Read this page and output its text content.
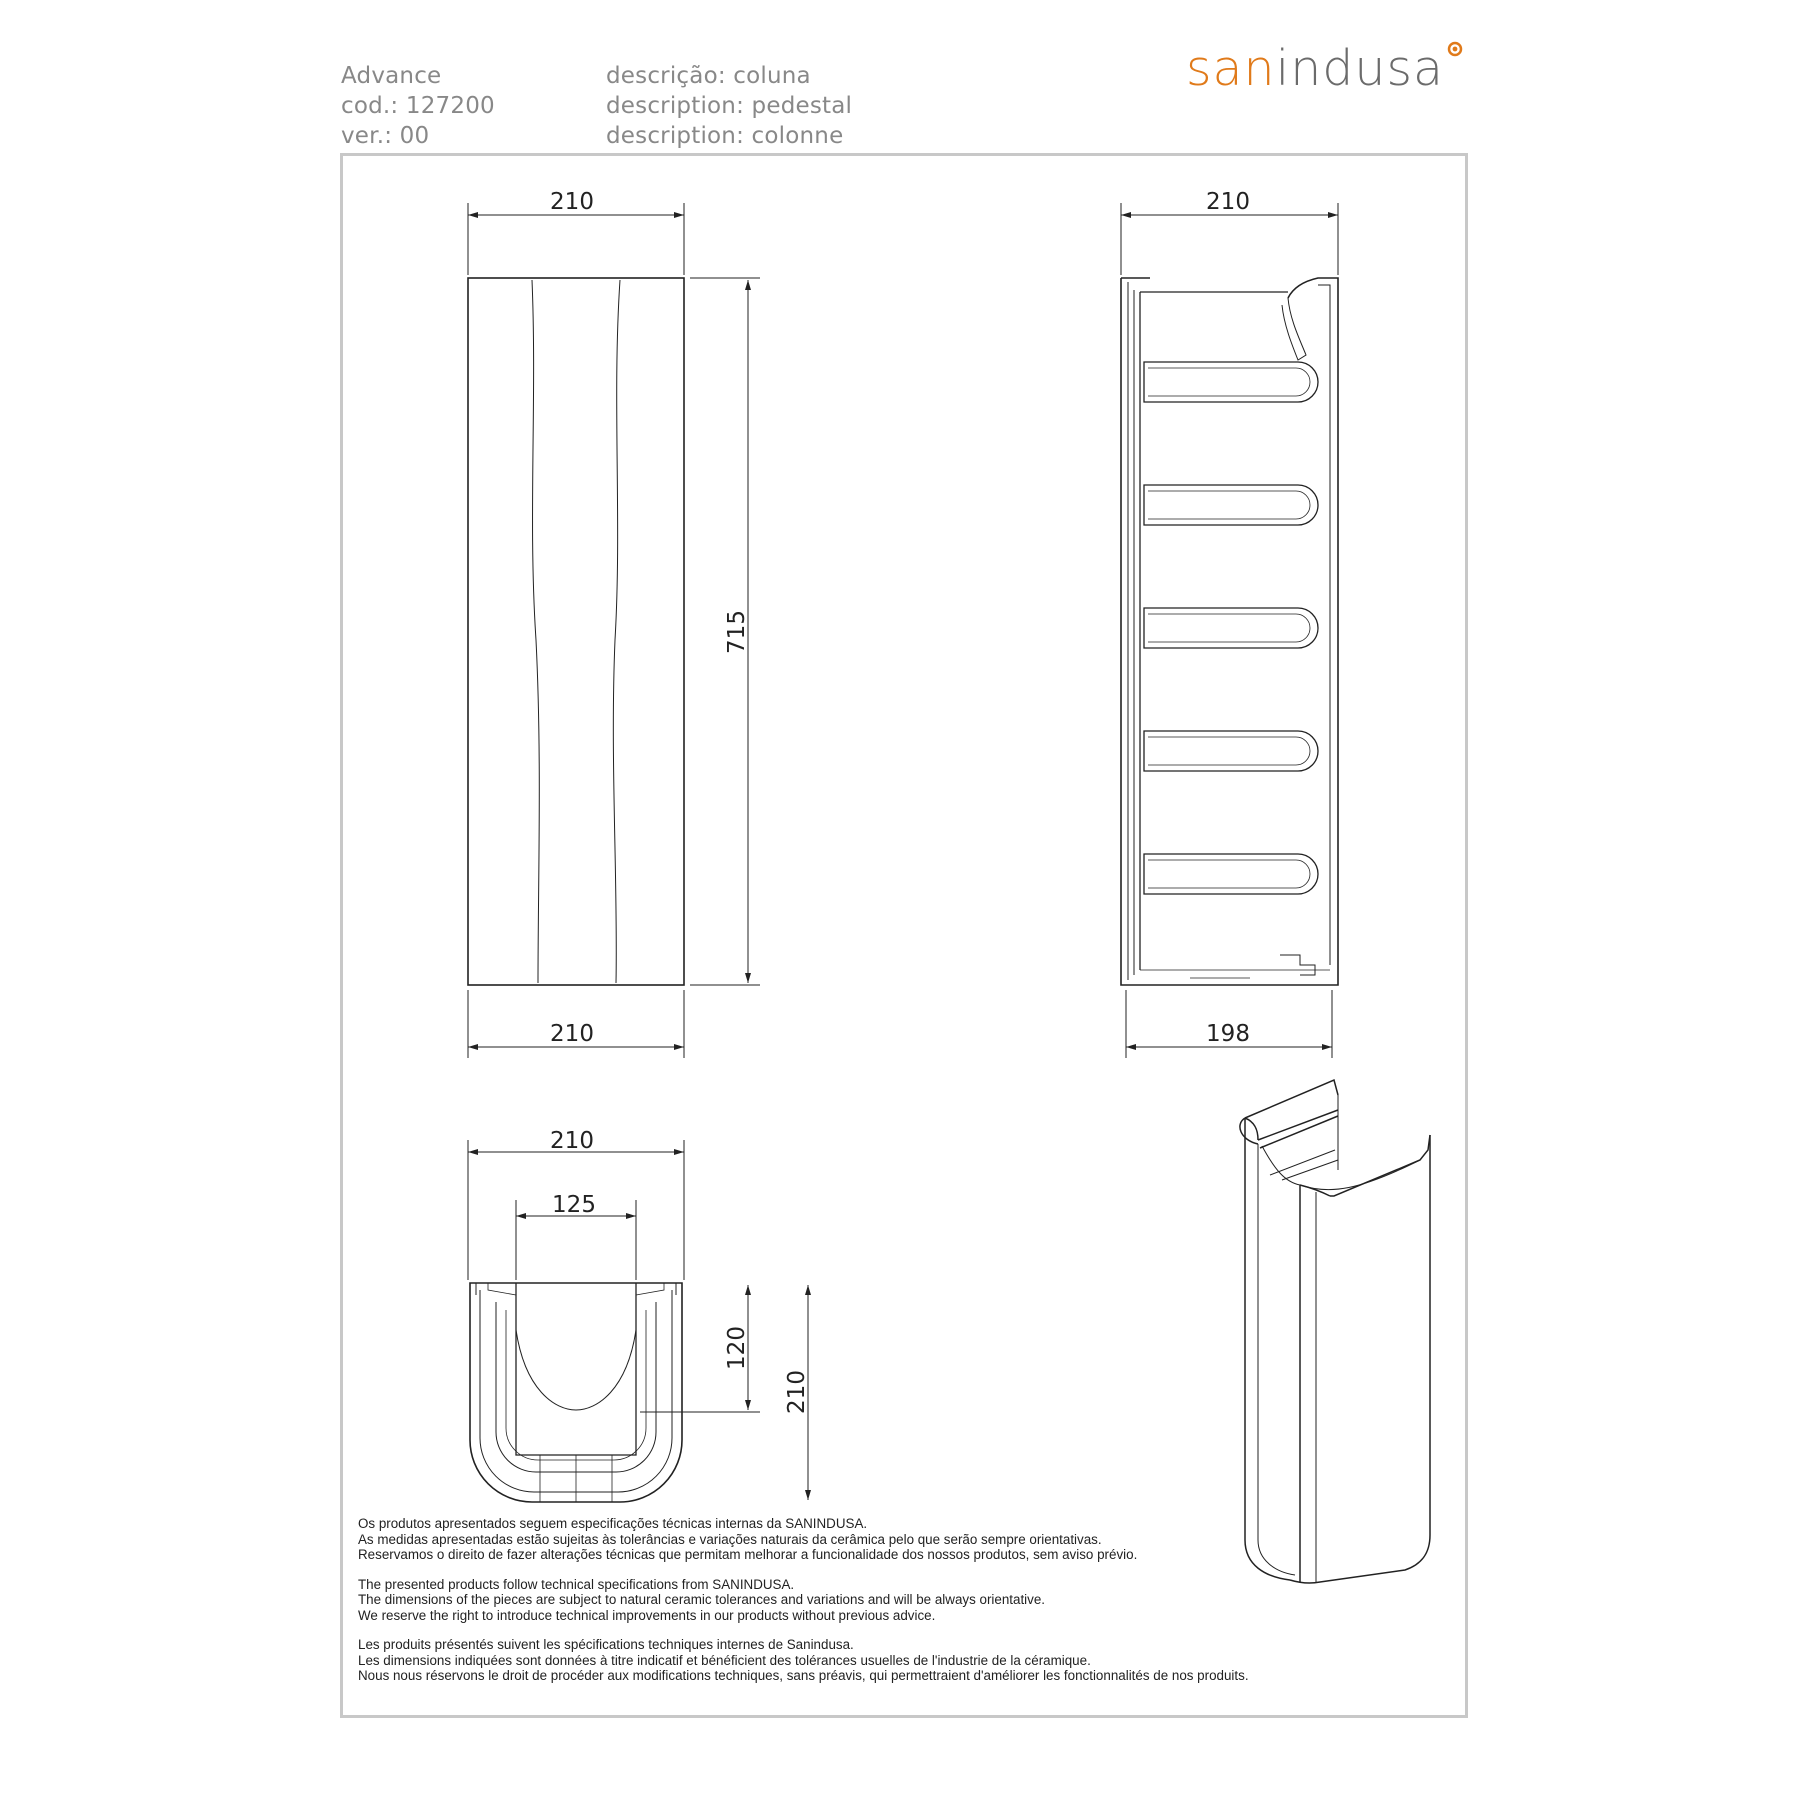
Advance
cod.: 127200
ver.: 00
descrição: coluna
description: pedestal
description: colonne
sanindusa
210
715
210
210
198
210
125
120
210

Os produtos apresentados seguem especificações técnicas internas da SANINDUSA.
As medidas apresentadas estão sujeitas às tolerâncias e variações naturais da cerâmica pelo que serão sempre orientativas.
Reservamos o direito de fazer alterações técnicas que permitam melhorar a funcionalidade dos nossos produtos, sem aviso prévio.

The presented products follow technical specifications from SANINDUSA.
The dimensions of the pieces are subject to natural ceramic tolerances and variations and will be always orientative.
We reserve the right to introduce technical improvements in our products without previous advice.

Les produits présentés suivent les spécifications techniques internes de Sanindusa.
Les dimensions indiquées sont données à titre indicatif et bénéficient des tolérances usuelles de l'industrie de la céramique.
Nous nous réservons le droit de procéder aux modifications techniques, sans préavis, qui permettraient d'améliorer les fonctionnalités de nos produits.
